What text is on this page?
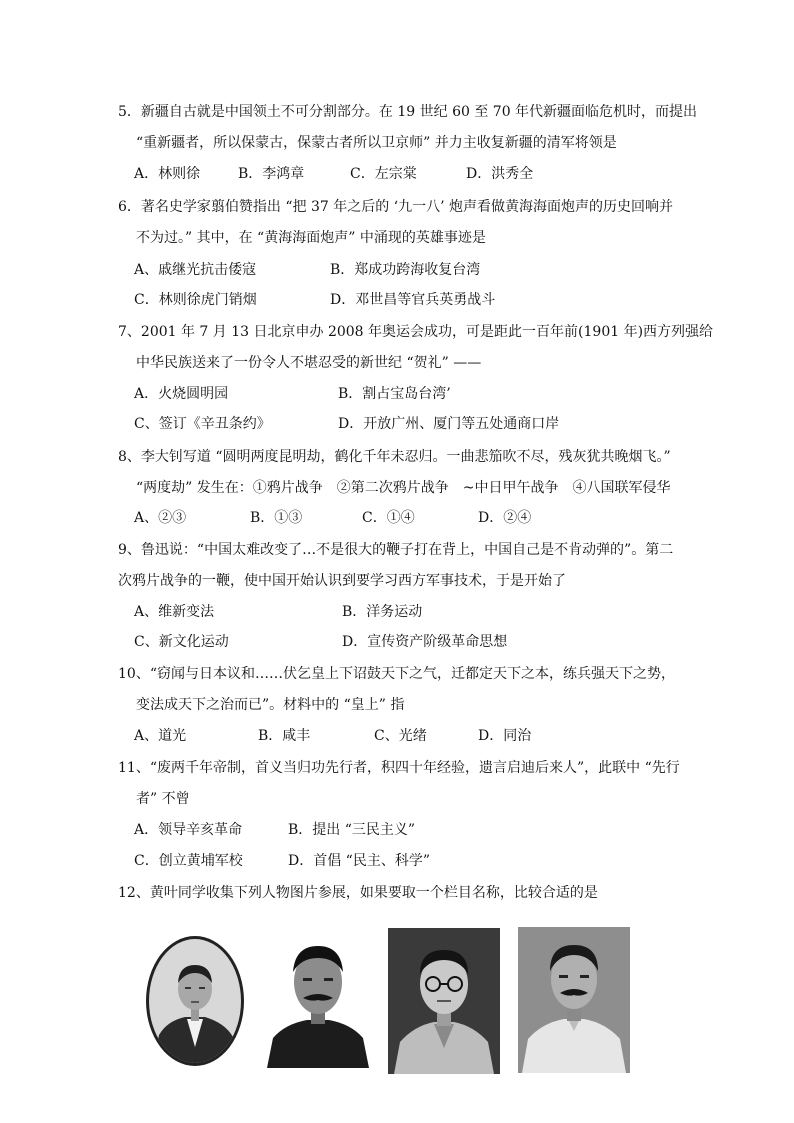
5．新疆自古就是中国领土不可分割部分。在 19 世纪 60 至 70 年代新疆面临危机时，而提出
“重新疆者，所以保蒙古，保蒙古者所以卫京师” 并力主收复新疆的清军将领是
A．林则徐	B．李鸿章	C．左宗棠	D．洪秀全
6．著名史学家翦伯赞指出 “把 37 年之后的 ‘九一八’ 炮声看做黄海海面炮声的历史回响并
不为过。” 其中，在 “黄海海面炮声” 中涌现的英雄事迹是
A、戚继光抗击倭寇	B．郑成功跨海收复台湾
C．林则徐虎门销烟	D．邓世昌等官兵英勇战斗
7、2001 年 7 月 13 日北京申办 2008 年奥运会成功，可是距此一百年前(1901 年)西方列强给
中华民族送来了一份令人不堪忍受的新世纪 “贺礼” ——
A．火烧圆明园	B．割占宝岛台湾’
C、签订《辛丑条约》	D．开放广州、厦门等五处通商口岸
8、李大钊写道 “圆明两度昆明劫，鹤化千年未忍归。一曲悲笳吹不尽，残灰犹共晚烟飞。”
“两度劫” 发生在：①鸦片战争　②第二次鸦片战争　~中日甲午战争　④八国联军侵华
A、②③	B．①③	C．①④	D．②④
9、鲁迅说：“中国太难改变了…不是很大的鞭子打在背上，中国自己是不肯动弹的”。第二
次鸦片战争的一鞭，使中国开始认识到要学习西方军事技术，于是开始了
A、维新变法	B．洋务运动
C、新文化运动	D．宣传资产阶级革命思想
10、“窃闻与日本议和……伏乞皇上下诏鼓天下之气，迁都定天下之本，练兵强天下之势，
变法成天下之治而已”。材料中的 “皇上” 指
A、道光	B．咸丰	C、光绪	D．同治
11、“废两千年帝制，首义当归功先行者，积四十年经验，遗言启迪后来人”，此联中 “先行
者” 不曾
A．领导辛亥革命	B．提出 “三民主义”
C．创立黄埔军校	D．首倡 “民主、科学”
12、黄叶同学收集下列人物图片参展，如果要取一个栏目名称，比较合适的是
